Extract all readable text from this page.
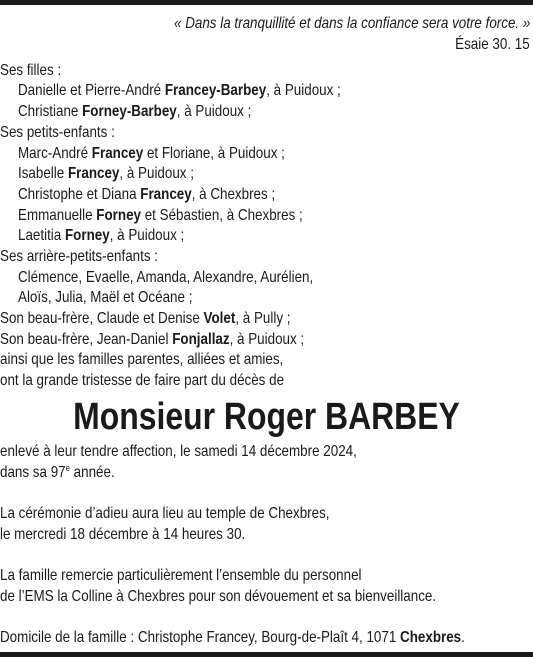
« Dans la tranquillité et dans la confiance sera votre force. »
Ésaie 30. 15
Ses filles :
Danielle et Pierre-André Francey-Barbey, à Puidoux ;
Christiane Forney-Barbey, à Puidoux ;
Ses petits-enfants :
Marc-André Francey et Floriane, à Puidoux ;
Isabelle Francey, à Puidoux ;
Christophe et Diana Francey, à Chexbres ;
Emmanuelle Forney et Sébastien, à Chexbres ;
Laetitia Forney, à Puidoux ;
Ses arrière-petits-enfants :
Clémence, Evaelle, Amanda, Alexandre, Aurélien,
Aloïs, Julia, Maël et Océane ;
Son beau-frère, Claude et Denise Volet, à Pully ;
Son beau-frère, Jean-Daniel Fonjallaz, à Puidoux ;
ainsi que les familles parentes, alliées et amies,
ont la grande tristesse de faire part du décès de
Monsieur Roger BARBEY
enlevé à leur tendre affection, le samedi 14 décembre 2024,
dans sa 97e année.
La cérémonie d’adieu aura lieu au temple de Chexbres,
le mercredi 18 décembre à 14 heures 30.
La famille remercie particulièrement l’ensemble du personnel
de l’EMS la Colline à Chexbres pour son dévouement et sa bienveillance.
Domicile de la famille : Christophe Francey, Bourg-de-Plaît 4, 1071 Chexbres.
